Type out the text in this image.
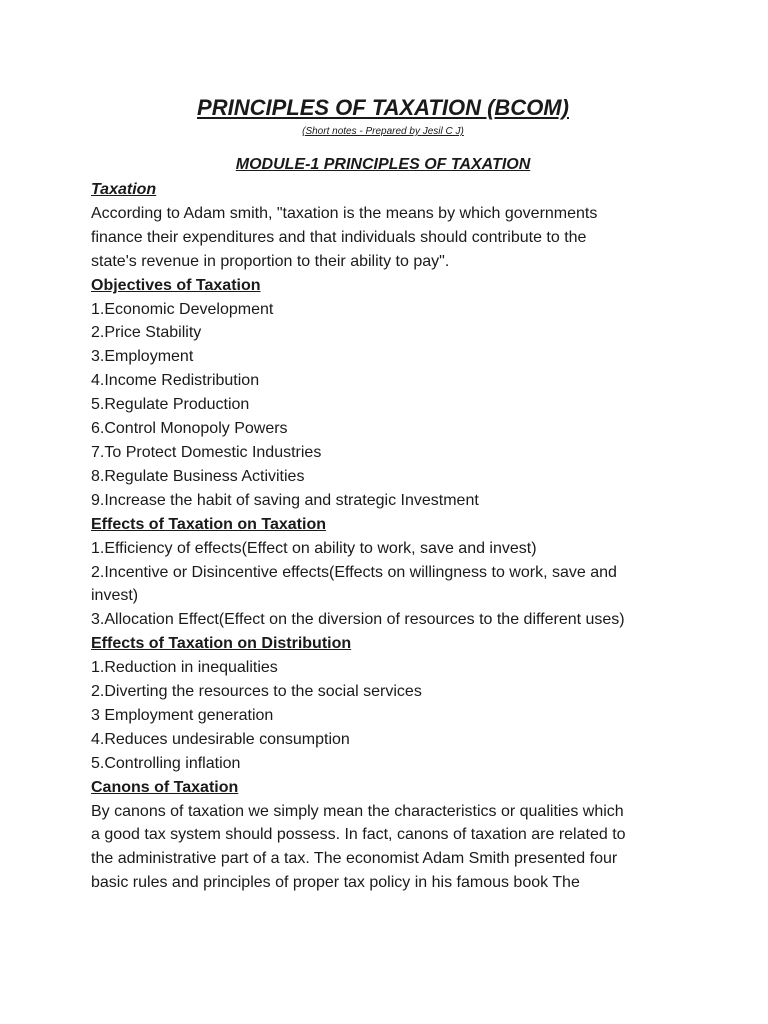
PRINCIPLES OF TAXATION (BCOM)
(Short notes - Prepared by Jesil C J)
MODULE-1 PRINCIPLES OF TAXATION
Taxation
According to Adam smith, "taxation is the means by which governments
finance their expenditures and that individuals should contribute to the
state's revenue in proportion to their ability to pay".
Objectives of Taxation
1.Economic Development
2.Price Stability
3.Employment
4.Income Redistribution
5.Regulate Production
6.Control Monopoly Powers
7.To Protect Domestic Industries
8.Regulate Business Activities
9.Increase the habit of saving and strategic Investment
Effects of Taxation on Taxation
1.Efficiency of effects(Effect on ability to work, save and invest)
2.Incentive or Disincentive effects(Effects on willingness to work, save and
invest)
3.Allocation Effect(Effect on the diversion of resources to the different uses)
Effects of Taxation on Distribution
1.Reduction in inequalities
2.Diverting the resources to the social services
3 Employment generation
4.Reduces undesirable consumption
5.Controlling inflation
Canons of Taxation
By canons of taxation we simply mean the characteristics or qualities which
a good tax system should possess. In fact, canons of taxation are related to
the administrative part of a tax. The economist Adam Smith presented four
basic rules and principles of proper tax policy in his famous book The
